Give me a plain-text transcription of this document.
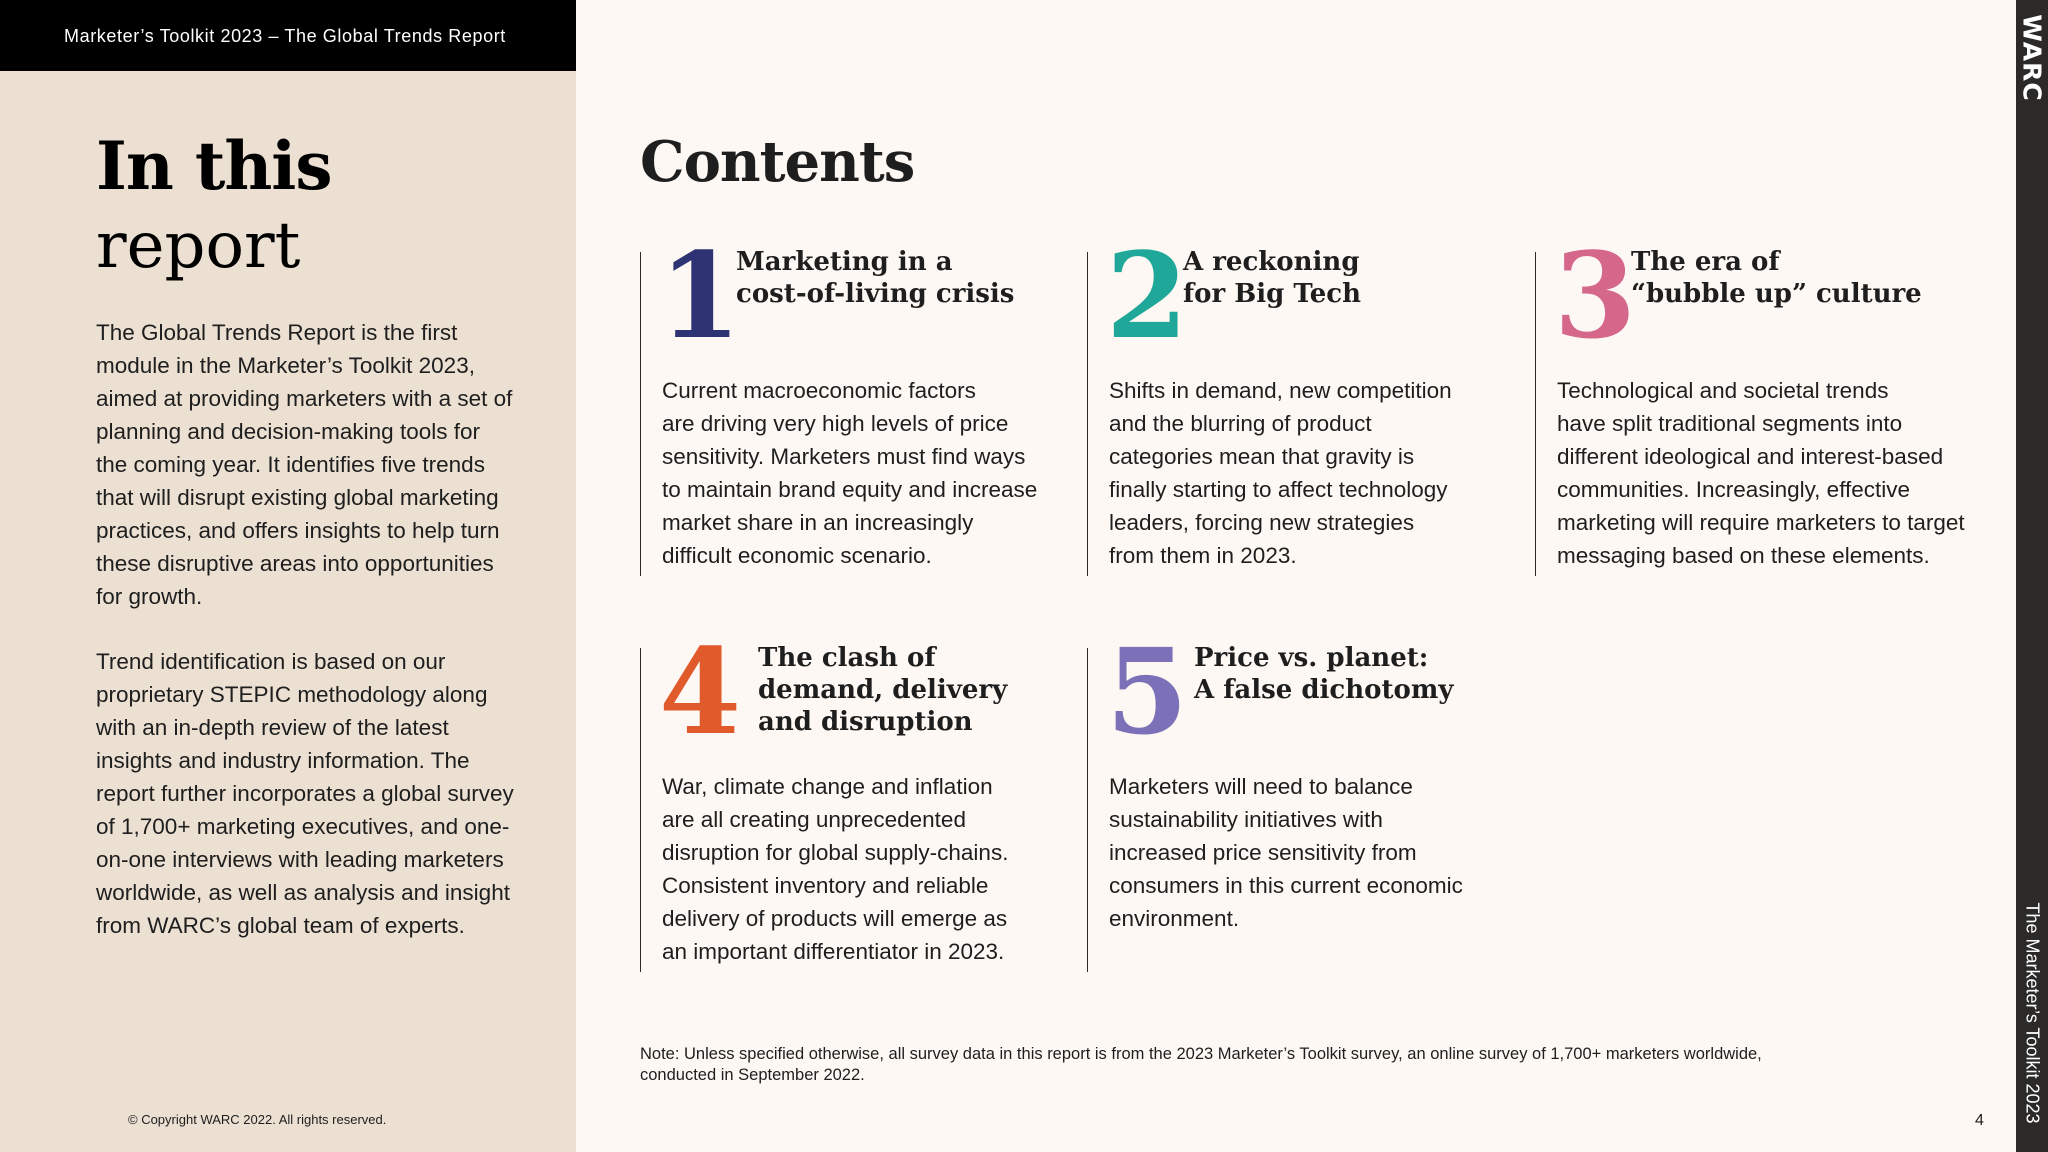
Marketer’s Toolkit 2023 – The Global Trends Report
In this
report

The Global Trends Report is the first module in the Marketer’s Toolkit 2023, aimed at providing marketers with a set of planning and decision-making tools for the coming year. It identifies five trends that will disrupt existing global marketing practices, and offers insights to help turn these disruptive areas into opportunities for growth.

Trend identification is based on our proprietary STEPIC methodology along with an in-depth review of the latest insights and industry information. The report further incorporates a global survey of 1,700+ marketing executives, and one-on-one interviews with leading marketers worldwide, as well as analysis and insight from WARC’s global team of experts.

© Copyright WARC 2022. All rights reserved.
Contents
1
Marketing in a
cost-of-living crisis
Current macroeconomic factors
are driving very high levels of price
sensitivity. Marketers must find ways
to maintain brand equity and increase
market share in an increasingly
difficult economic scenario.
2
A reckoning
for Big Tech
Shifts in demand, new competition
and the blurring of product
categories mean that gravity is
finally starting to affect technology
leaders, forcing new strategies
from them in 2023.
3
The era of
“bubble up” culture
Technological and societal trends
have split traditional segments into
different ideological and interest-based
communities. Increasingly, effective
marketing will require marketers to target
messaging based on these elements.
4 The clash of
demand, delivery
and disruption
War, climate change and inflation
are all creating unprecedented
disruption for global supply-chains.
Consistent inventory and reliable
delivery of products will emerge as
an important differentiator in 2023.
5 Price vs. planet:
A false dichotomy
Marketers will need to balance
sustainability initiatives with
increased price sensitivity from
consumers in this current economic
environment.
Note: Unless specified otherwise, all survey data in this report is from the 2023 Marketer’s Toolkit survey, an online survey of 1,700+ marketers worldwide,
conducted in September 2022.
4
WARC
The Marketer’s Toolkit 2023
